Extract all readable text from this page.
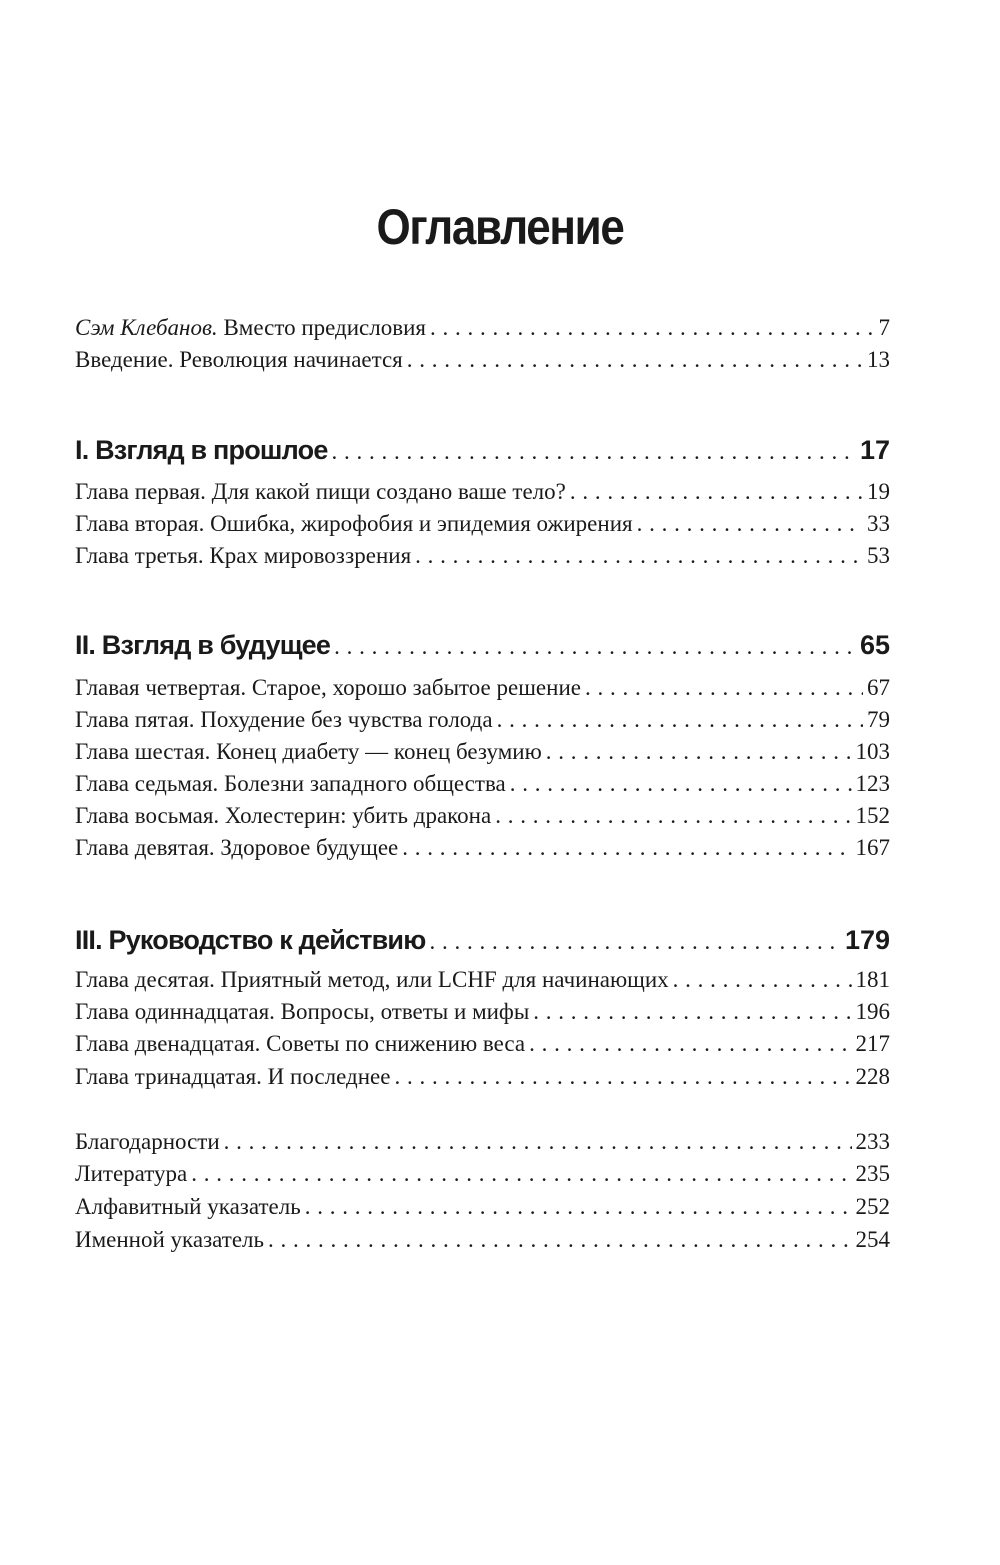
Оглавление
Сэм Клебанов. Вместо предисловия . . .	7
Введение. Революция начинается . . .	13
I. Взгляд в прошлое . . .	17
Глава первая. Для какой пищи создано ваше тело? . . .	19
Глава вторая. Ошибка, жирофобия и эпидемия ожирения . . .	33
Глава третья. Крах мировоззрения . . .	53
II. Взгляд в будущее . . .	65
Главая четвертая. Старое, хорошо забытое решение . . .	67
Глава пятая. Похудение без чувства голода . . .	79
Глава шестая. Конец диабету — конец безумию . . .	103
Глава седьмая. Болезни западного общества . . .	123
Глава восьмая. Холестерин: убить дракона . . .	152
Глава девятая. Здоровое будущее . . .	167
III. Руководство к действию . . .	179
Глава десятая. Приятный метод, или LCHF для начинающих . . .	181
Глава одиннадцатая. Вопросы, ответы и мифы . . .	196
Глава двенадцатая. Советы по снижению веса . . .	217
Глава тринадцатая. И последнее . . .	228
Благодарности . . .	233
Литература . . .	235
Алфавитный указатель . . .	252
Именной указатель . . .	254
